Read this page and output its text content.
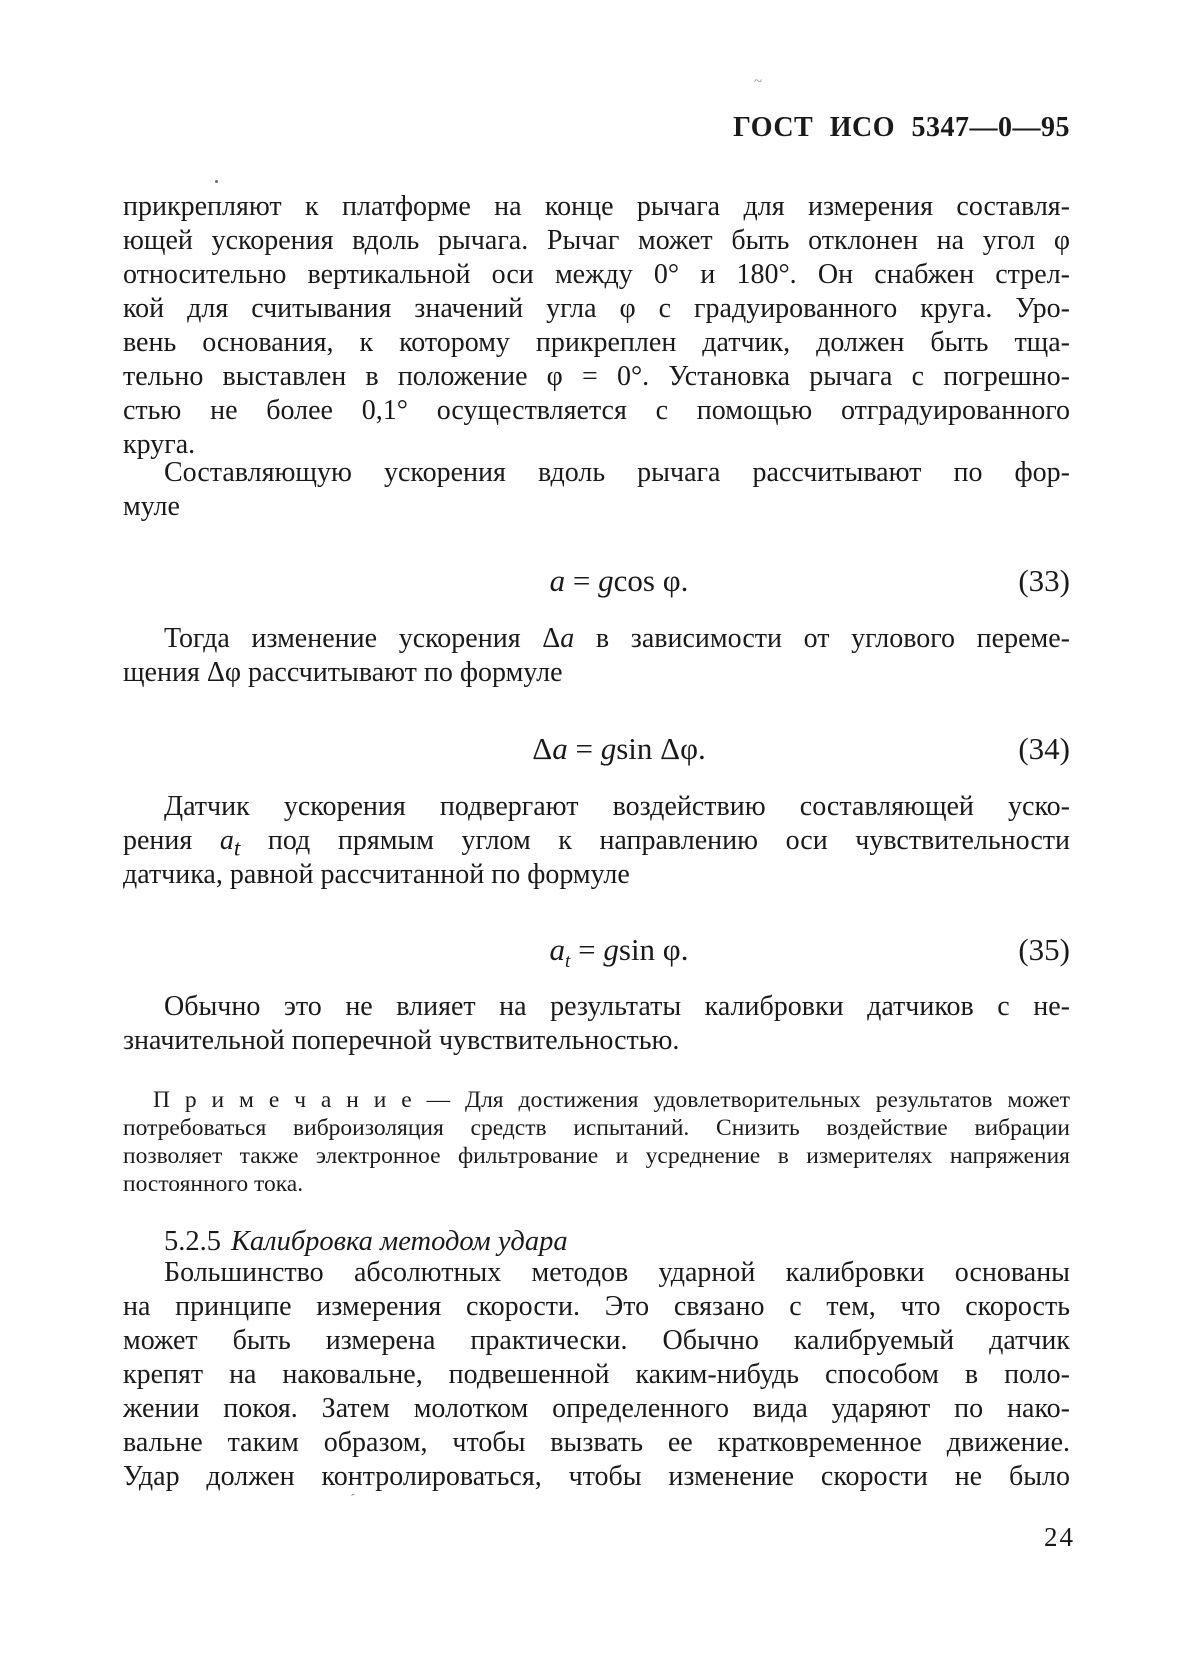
~
ГОСТ ИСО 5347—0—95
прикрепляют к платформе на конце рычага для измерения составля-
ющей ускорения вдоль рычага. Рычаг может быть отклонен на угол φ
относительно вертикальной оси между 0° и 180°. Он снабжен стрел-
кой для считывания значений угла φ с градуированного круга. Уро-
вень основания, к которому прикреплен датчик, должен быть тща-
тельно выставлен в положение φ = 0°. Установка рычага с погрешно-
стью не более 0,1° осуществляется с помощью отградуированного
круга.
Составляющую ускорения вдоль рычага рассчитывают по фор-
муле
a = gcos φ.	(33)
Тогда изменение ускорения Δa в зависимости от углового переме-
щения Δφ рассчитывают по формуле
Δa = gsin Δφ.	(34)
Датчик ускорения подвергают воздействию составляющей уско-
рения $a_t$ под прямым углом к направлению оси чувствительности
датчика, равной рассчитанной по формуле
$a_t = gsin$ φ.	(35)
Обычно это не влияет на результаты калибровки датчиков с не-
значительной поперечной чувствительностью.
П р и м е ч а н и е — Для достижения удовлетворительных результатов может
потребоваться виброизоляция средств испытаний. Снизить воздействие вибрации
позволяет также электронное фильтрование и усреднение в измерителях напряжения
постоянного тока.
5.2.5 Калибровка методом удара
Большинство абсолютных методов ударной калибровки основаны
на принципе измерения скорости. Это связано с тем, что скорость
может быть измерена практически. Обычно калибруемый датчик
крепят на наковальне, подвешенной каким-нибудь способом в поло-
жении покоя. Затем молотком определенного вида ударяют по нако-
вальне таким образом, чтобы вызвать ее кратковременное движение.
Удар должен контролироваться, чтобы изменение скорости не было
´
24
